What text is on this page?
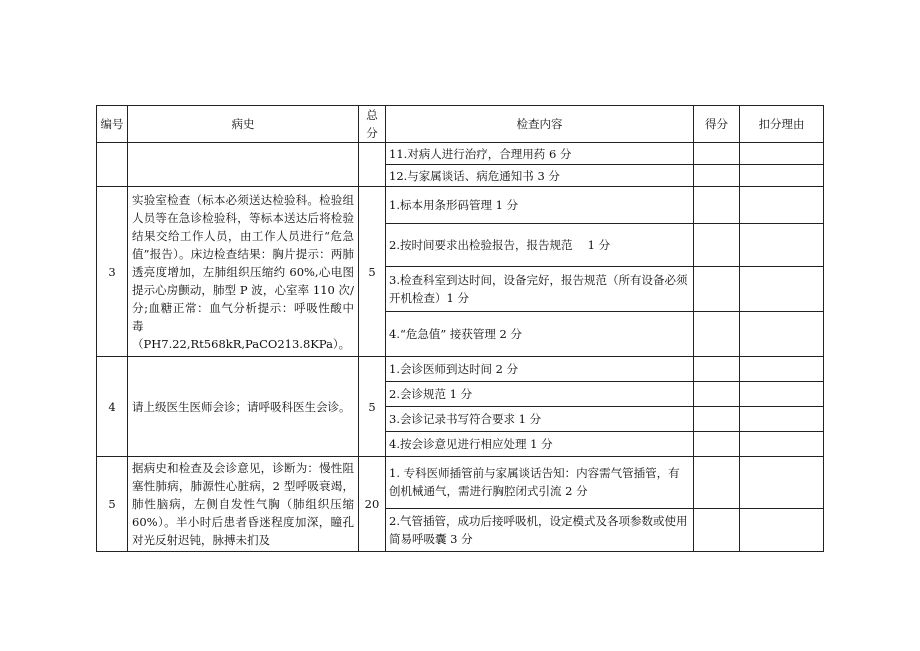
编号	病史	总分	检查内容	得分	扣分理由
			11.对病人进行治疗，合理用药 6 分		
			12.与家属谈话、病危通知书 3 分		
3	实验室检查（标本必须送达检验科。检验组人员等在急诊检验科，等标本送达后将检验结果交给工作人员，由工作人员进行“危急值”报告）。床边检查结果：胸片提示：两肺透亮度增加，左肺组织压缩约 60%,心电图提示心房颤动，肺型 P 波，心室率 110 次/分;血糖正常：血气分析提示：呼吸性酸中毒（PH7.22,Rt568kR,PaCO213.8KPa）。	5	1.标本用条形码管理 1 分		
			2.按时间要求出检验报告，报告规范　 1 分		
			3.检查科室到达时间，设备完好，报告规范（所有设备必须开机检查）1 分		
			4.“危急值” 接获管理 2 分		
4	请上级医生医师会诊；请呼吸科医生会诊。	5	1.会诊医师到达时间 2 分		
			2.会诊规范 1 分		
			3.会诊记录书写符合要求 1 分		
			4.按会诊意见进行相应处理 1 分		
5	据病史和检查及会诊意见，诊断为：慢性阻塞性肺病，肺源性心脏病，2 型呼吸衰竭，肺性脑病，左侧自发性气胸（肺组织压缩 60%）。半小时后患者昏迷程度加深，瞳孔对光反射迟钝，脉搏未扪及	20	1. 专科医师插管前与家属谈话告知：内容需气管插管，有创机械通气，需进行胸腔闭式引流 2 分		
			2.气管插管，成功后接呼吸机，设定模式及各项参数或使用简易呼吸囊 3 分		
